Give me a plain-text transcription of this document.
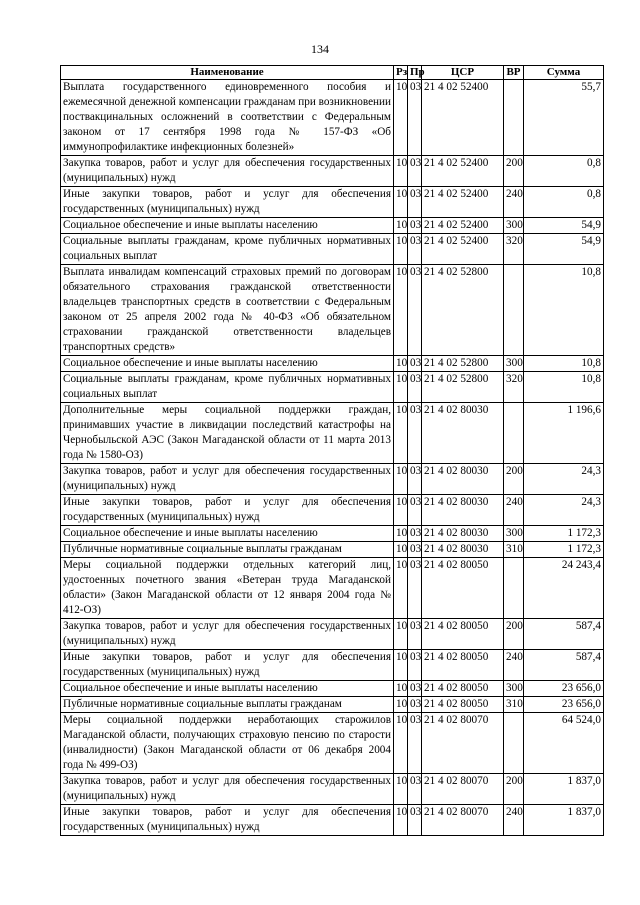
134
Наименование	Рз	Пр	ЦСР	ВР	Сумма
Выплата государственного единовременного пособия и ежемесячной денежной компенсации гражданам при возникновении поствакцинальных осложнений в соответствии с Федеральным законом от 17 сентября 1998 года № 157-ФЗ «Об иммунопрофилактике инфекционных болезней»	10	03	21 4 02 52400		55,7
Закупка товаров, работ и услуг для обеспечения государственных (муниципальных) нужд	10	03	21 4 02 52400	200	0,8
Иные закупки товаров, работ и услуг для обеспечения государственных (муниципальных) нужд	10	03	21 4 02 52400	240	0,8
Социальное обеспечение и иные выплаты населению	10	03	21 4 02 52400	300	54,9
Социальные выплаты гражданам, кроме публичных нормативных социальных выплат	10	03	21 4 02 52400	320	54,9
Выплата инвалидам компенсаций страховых премий по договорам обязательного страхования гражданской ответственности владельцев транспортных средств в соответствии с Федеральным законом от 25 апреля 2002 года № 40-ФЗ «Об обязательном страховании гражданской ответственности владельцев транспортных средств»	10	03	21 4 02 52800		10,8
Социальное обеспечение и иные выплаты населению	10	03	21 4 02 52800	300	10,8
Социальные выплаты гражданам, кроме публичных нормативных социальных выплат	10	03	21 4 02 52800	320	10,8
Дополнительные меры социальной поддержки граждан, принимавших участие в ликвидации последствий катастрофы на Чернобыльской АЭС (Закон Магаданской области от 11 марта 2013 года № 1580-ОЗ)	10	03	21 4 02 80030		1 196,6
Закупка товаров, работ и услуг для обеспечения государственных (муниципальных) нужд	10	03	21 4 02 80030	200	24,3
Иные закупки товаров, работ и услуг для обеспечения государственных (муниципальных) нужд	10	03	21 4 02 80030	240	24,3
Социальное обеспечение и иные выплаты населению	10	03	21 4 02 80030	300	1 172,3
Публичные нормативные социальные выплаты гражданам	10	03	21 4 02 80030	310	1 172,3
Меры социальной поддержки отдельных категорий лиц, удостоенных почетного звания «Ветеран труда Магаданской области» (Закон Магаданской области от 12 января 2004 года № 412-ОЗ)	10	03	21 4 02 80050		24 243,4
Закупка товаров, работ и услуг для обеспечения государственных (муниципальных) нужд	10	03	21 4 02 80050	200	587,4
Иные закупки товаров, работ и услуг для обеспечения государственных (муниципальных) нужд	10	03	21 4 02 80050	240	587,4
Социальное обеспечение и иные выплаты населению	10	03	21 4 02 80050	300	23 656,0
Публичные нормативные социальные выплаты гражданам	10	03	21 4 02 80050	310	23 656,0
Меры социальной поддержки неработающих старожилов Магаданской области, получающих страховую пенсию по старости (инвалидности) (Закон Магаданской области от 06 декабря 2004 года № 499-ОЗ)	10	03	21 4 02 80070		64 524,0
Закупка товаров, работ и услуг для обеспечения государственных (муниципальных) нужд	10	03	21 4 02 80070	200	1 837,0
Иные закупки товаров, работ и услуг для обеспечения государственных (муниципальных) нужд	10	03	21 4 02 80070	240	1 837,0
